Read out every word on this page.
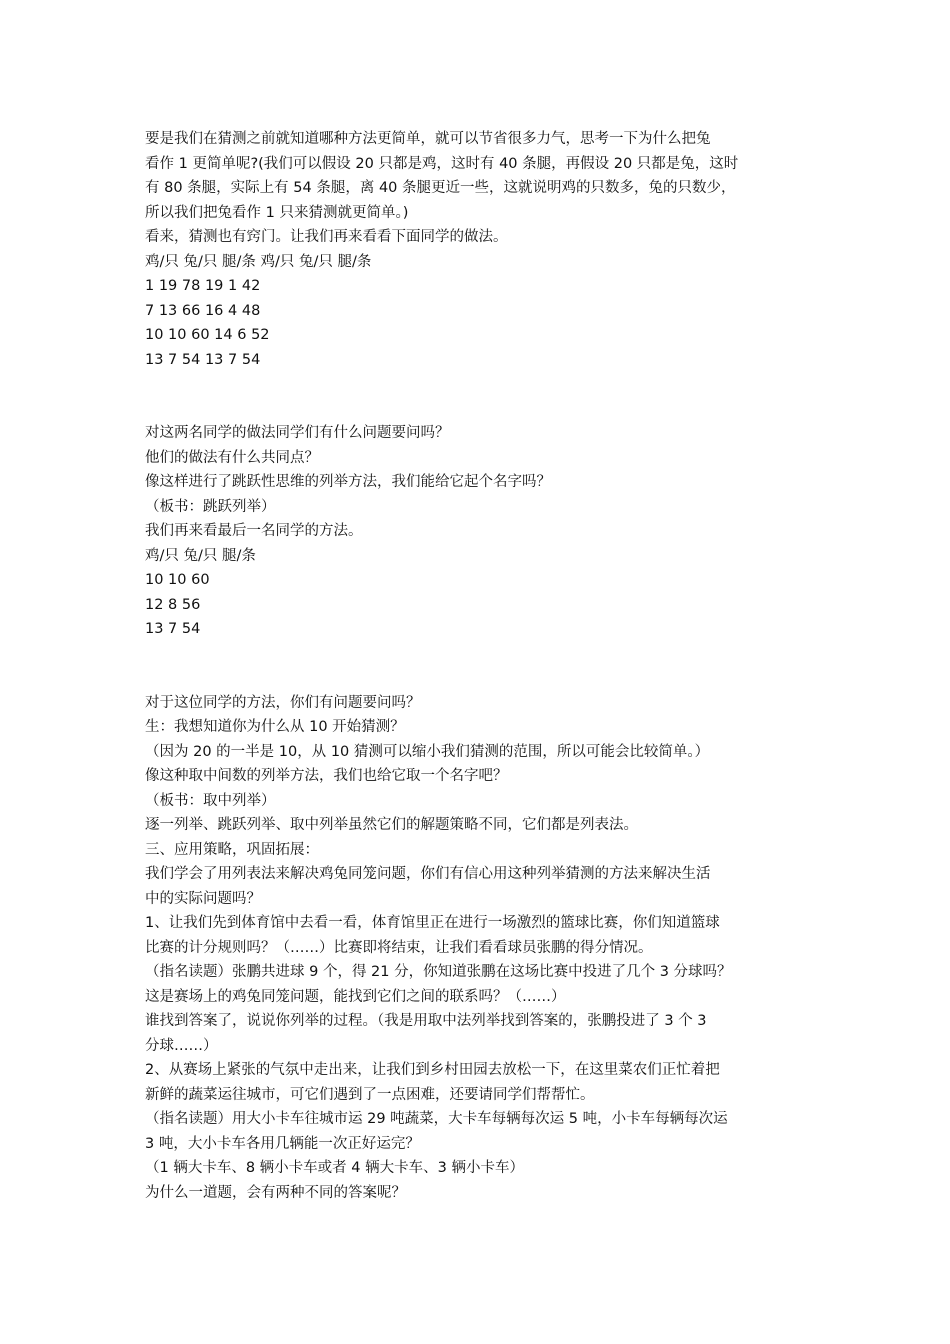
要是我们在猜测之前就知道哪种方法更简单，就可以节省很多力气，思考一下为什么把兔
看作 1 更简单呢?(我们可以假设 20 只都是鸡，这时有 40 条腿，再假设 20 只都是兔，这时
有 80 条腿，实际上有 54 条腿，离 40 条腿更近一些，这就说明鸡的只数多，兔的只数少，
所以我们把兔看作 1 只来猜测就更简单。)
看来，猜测也有窍门。让我们再来看看下面同学的做法。
鸡/只 兔/只 腿/条 鸡/只 兔/只 腿/条
1 19 78 19 1 42
7 13 66 16 4 48
10 10 60 14 6 52
13 7 54 13 7 54
对这两名同学的做法同学们有什么问题要问吗？
他们的做法有什么共同点？
像这样进行了跳跃性思维的列举方法，我们能给它起个名字吗？
（板书：跳跃列举）
我们再来看最后一名同学的方法。
鸡/只 兔/只 腿/条
10 10 60
12 8 56
13 7 54
对于这位同学的方法，你们有问题要问吗？
生：我想知道你为什么从 10 开始猜测？
（因为 20 的一半是 10，从 10 猜测可以缩小我们猜测的范围，所以可能会比较简单。）
像这种取中间数的列举方法，我们也给它取一个名字吧？
（板书：取中列举）
逐一列举、跳跃列举、取中列举虽然它们的解题策略不同，它们都是列表法。
三、应用策略，巩固拓展：
我们学会了用列表法来解决鸡兔同笼问题，你们有信心用这种列举猜测的方法来解决生活
中的实际问题吗？
1、让我们先到体育馆中去看一看，体育馆里正在进行一场激烈的篮球比赛，你们知道篮球
比赛的计分规则吗？（……）比赛即将结束，让我们看看球员张鹏的得分情况。
（指名读题）张鹏共进球 9 个，得 21 分，你知道张鹏在这场比赛中投进了几个 3 分球吗？
这是赛场上的鸡兔同笼问题，能找到它们之间的联系吗？（……）
谁找到答案了，说说你列举的过程。（我是用取中法列举找到答案的，张鹏投进了 3 个 3
分球……）
2、从赛场上紧张的气氛中走出来，让我们到乡村田园去放松一下，在这里菜农们正忙着把
新鲜的蔬菜运往城市，可它们遇到了一点困难，还要请同学们帮帮忙。
（指名读题）用大小卡车往城市运 29 吨蔬菜，大卡车每辆每次运 5 吨，小卡车每辆每次运
3 吨，大小卡车各用几辆能一次正好运完？
（1 辆大卡车、8 辆小卡车或者 4 辆大卡车、3 辆小卡车）
为什么一道题，会有两种不同的答案呢？
